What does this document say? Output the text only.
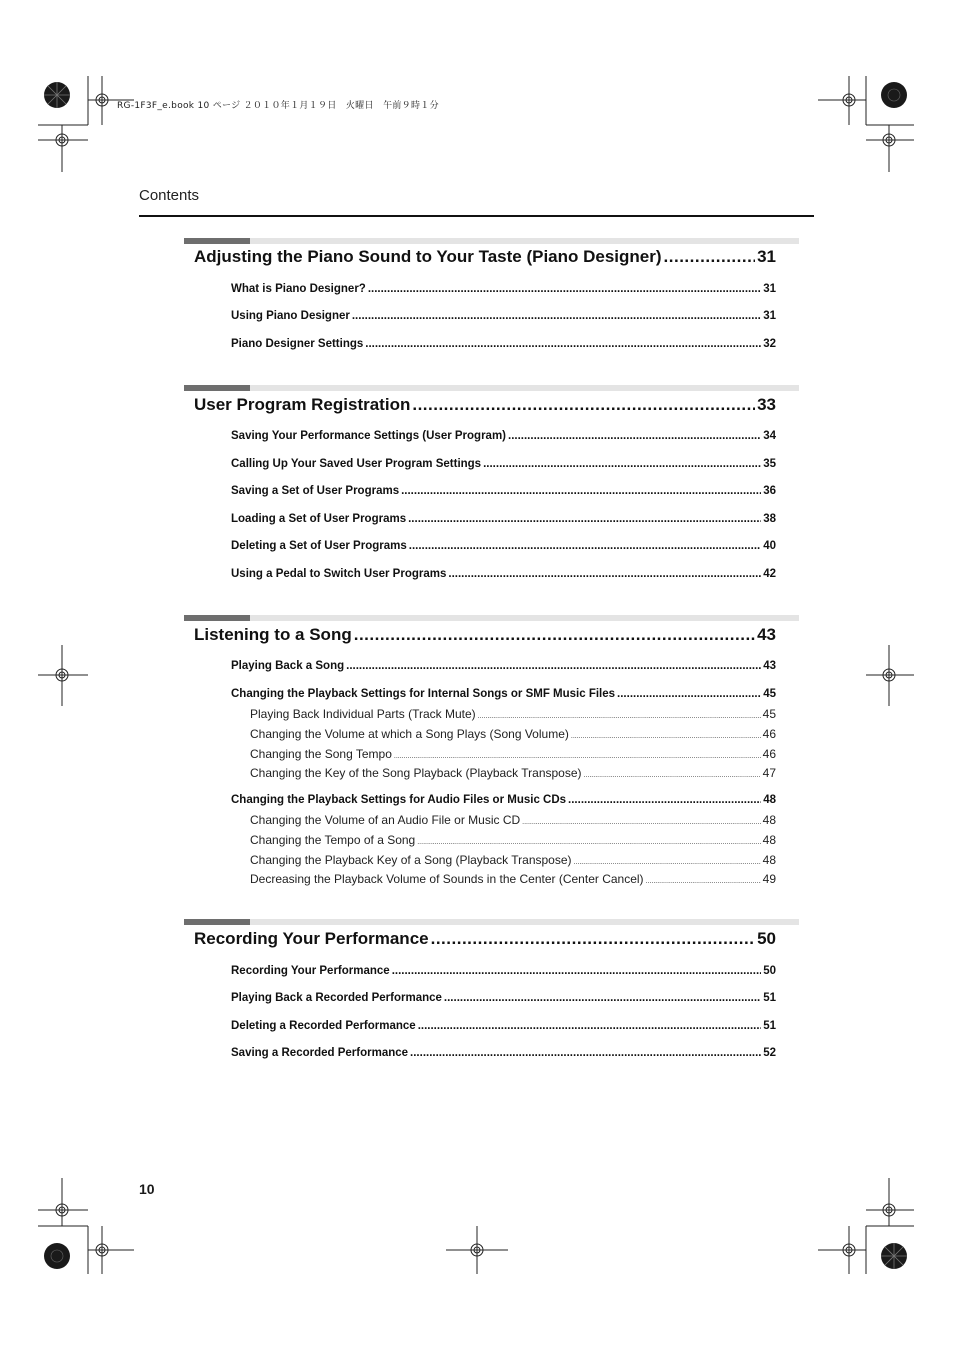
RG-1F3F_e.book 10 ページ ２０１０年１月１９日　火曜日　午前９時１分
Contents
Adjusting the Piano Sound to Your Taste (Piano Designer) .....	31
What is Piano Designer? .....	31
Using Piano Designer .....	31
Piano Designer Settings .....	32
User Program Registration .....	33
Saving Your Performance Settings (User Program) .....	34
Calling Up Your Saved User Program Settings .....	35
Saving a Set of User Programs .....	36
Loading a Set of User Programs .....	38
Deleting a Set of User Programs .....	40
Using a Pedal to Switch User Programs .....	42
Listening to a Song .....	43
Playing Back a Song .....	43
Changing the Playback Settings for Internal Songs or SMF Music Files .....	45
Playing Back Individual Parts (Track Mute) .....	45
Changing the Volume at which a Song Plays (Song Volume) .....	46
Changing the Song Tempo .....	46
Changing the Key of the Song Playback (Playback Transpose) .....	47
Changing the Playback Settings for Audio Files or Music CDs .....	48
Changing the Volume of an Audio File or Music CD .....	48
Changing the Tempo of a Song .....	48
Changing the Playback Key of a Song (Playback Transpose) .....	48
Decreasing the Playback Volume of Sounds in the Center (Center Cancel) .....	49
Recording Your Performance .....	50
Recording Your Performance .....	50
Playing Back a Recorded Performance .....	51
Deleting a Recorded Performance .....	51
Saving a Recorded Performance .....	52
10
